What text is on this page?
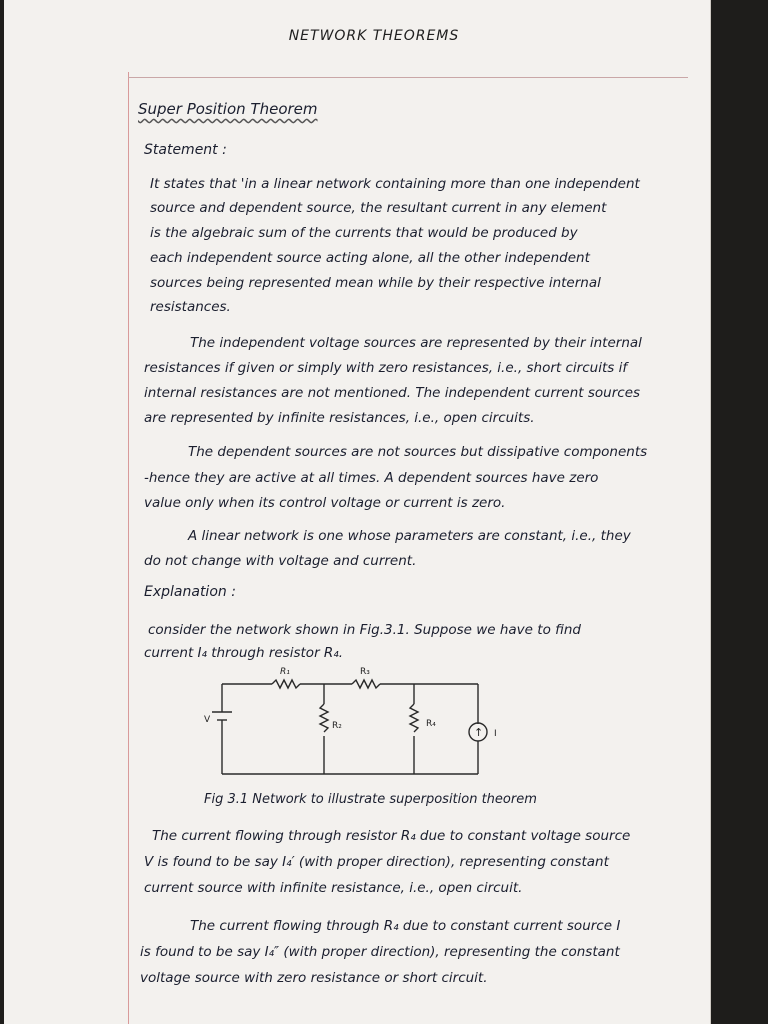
NETWORK THEOREMS
Super Position Theorem
Statement :
It states that 'in a linear network containing more than one independent
source and dependent source, the resultant current in any element
is the algebraic sum of the currents that would be produced by
each independent source acting alone, all the other independent
sources being represented mean while by their respective internal
resistances.
The independent voltage sources are represented by their internal
resistances if given or simply with zero resistances, i.e., short circuits if
internal resistances are not mentioned. The independent current sources
are represented by infinite resistances, i.e., open circuits.
The dependent sources are not sources but dissipative components
-hence they are active at all times. A dependent sources have zero
value only when its control voltage or current is zero.
A linear network is one whose parameters are constant, i.e., they
do not change with voltage and current.
Explanation :
consider the network shown in Fig.3.1. Suppose we have to find
current I₄ through resistor R₄.
R₁	R₃
R₂	R₄
V
I
↑
Fig 3.1 Network to illustrate superposition theorem
The current flowing through resistor R₄ due to constant voltage source
V is found to be say I₄′ (with proper direction), representing constant
current source with infinite resistance, i.e., open circuit.
The current flowing through R₄ due to constant current source I
is found to be say I₄″ (with proper direction), representing the constant
voltage source with zero resistance or short circuit.
